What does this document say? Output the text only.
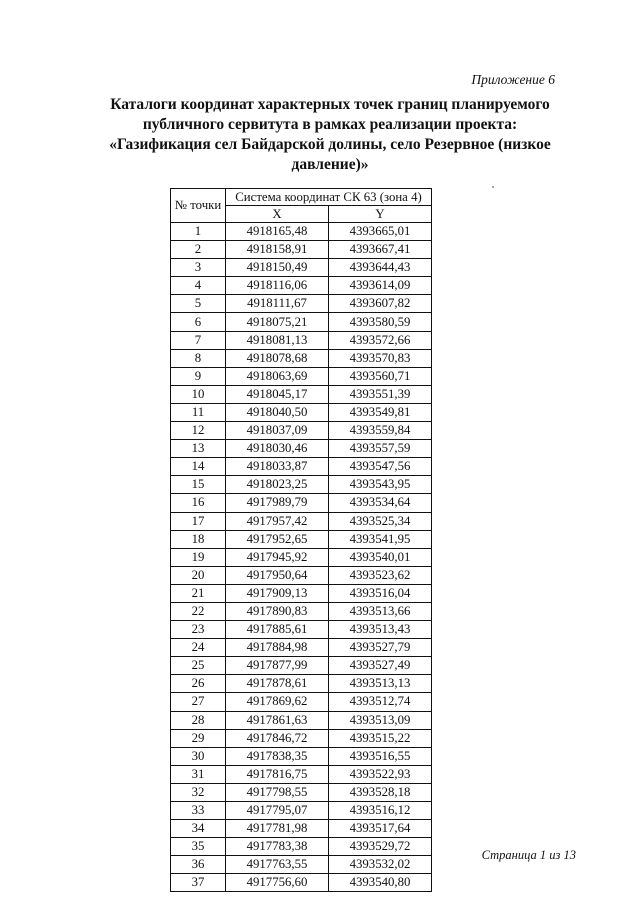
Приложение 6

Каталоги координат характерных точек границ планируемого
публичного сервитута в рамках реализации проекта:
«Газификация сел Байдарской долины, село Резервное (низкое
давление)»
№ точки	Система координат СК 63 (зона 4)	
	X	Y
1	4918165,48	4393665,01
2	4918158,91	4393667,41
3	4918150,49	4393644,43
4	4918116,06	4393614,09
5	4918111,67	4393607,82
6	4918075,21	4393580,59
7	4918081,13	4393572,66
8	4918078,68	4393570,83
9	4918063,69	4393560,71
10	4918045,17	4393551,39
11	4918040,50	4393549,81
12	4918037,09	4393559,84
13	4918030,46	4393557,59
14	4918033,87	4393547,56
15	4918023,25	4393543,95
16	4917989,79	4393534,64
17	4917957,42	4393525,34
18	4917952,65	4393541,95
19	4917945,92	4393540,01
20	4917950,64	4393523,62
21	4917909,13	4393516,04
22	4917890,83	4393513,66
23	4917885,61	4393513,43
24	4917884,98	4393527,79
25	4917877,99	4393527,49
26	4917878,61	4393513,13
27	4917869,62	4393512,74
28	4917861,63	4393513,09
29	4917846,72	4393515,22
30	4917838,35	4393516,55
31	4917816,75	4393522,93
32	4917798,55	4393528,18
33	4917795,07	4393516,12
34	4917781,98	4393517,64
35	4917783,38	4393529,72
36	4917763,55	4393532,02
37	4917756,60	4393540,80

Страница 1 из 13
